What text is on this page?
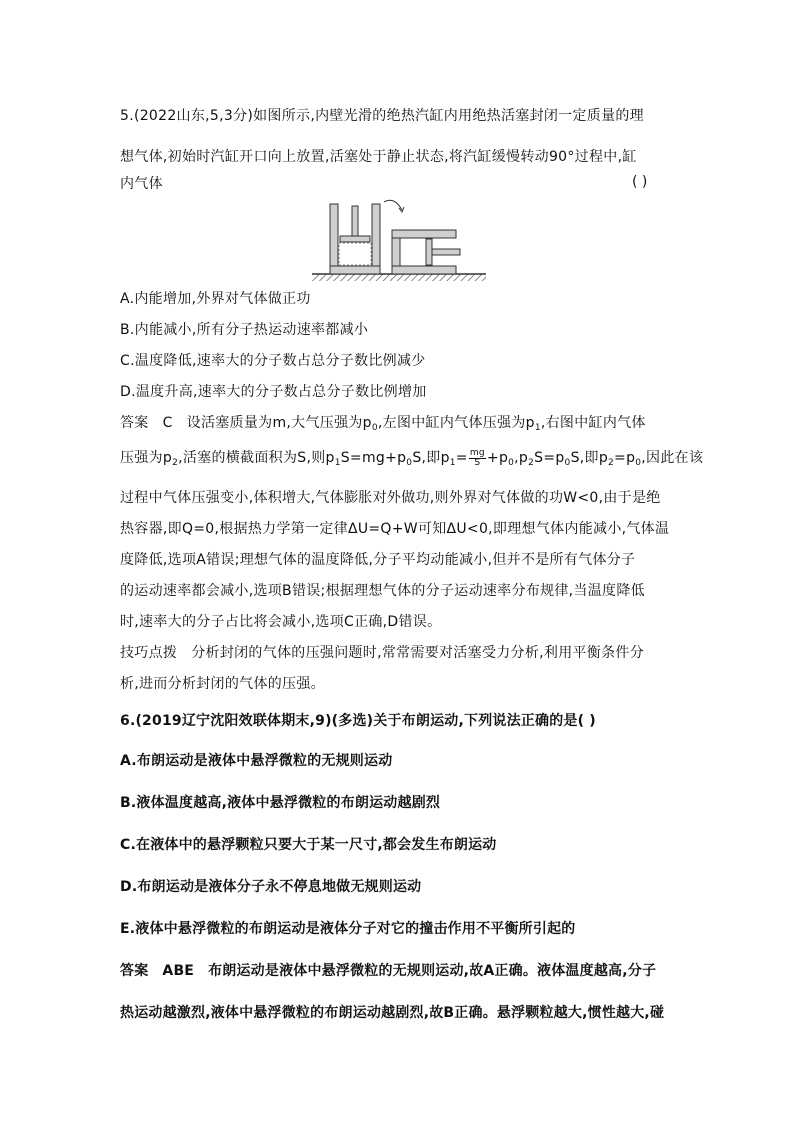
5.(2022山东,5,3分)如图所示,内壁光滑的绝热汽缸内用绝热活塞封闭一定质量的理
想气体,初始时汽缸开口向上放置,活塞处于静止状态,将汽缸缓慢转动90°过程中,缸
内气体	( )
A.内能增加,外界对气体做正功
B.内能减小,所有分子热运动速率都减小
C.温度降低,速率大的分子数占总分子数比例减少
D.温度升高,速率大的分子数占总分子数比例增加
答案 C 设活塞质量为m,大气压强为$p_0$,左图中缸内气体压强为$p_1$,右图中缸内气体
压强为$p_2$,活塞的横截面积为S,则$p_1S=mg+p_0S$,即$p_1= \frac{mg}{S} +p_0,p_2S=p_0S$,即$p_2=p_0$,因此在该
过程中气体压强变小,体积增大,气体膨胀对外做功,则外界对气体做的功W<0,由于是绝
热容器,即Q=0,根据热力学第一定律ΔU=Q+W可知ΔU<0,即理想气体内能减小,气体温
度降低,选项A错误;理想气体的温度降低,分子平均动能减小,但并不是所有气体分子
的运动速率都会减小,选项B错误;根据理想气体的分子运动速率分布规律,当温度降低
时,速率大的分子占比将会减小,选项C正确,D错误。
技巧点拨 分析封闭的气体的压强问题时,常常需要对活塞受力分析,利用平衡条件分
析,进而分析封闭的气体的压强。
6.(2019辽宁沈阳效联体期末,9)(多选)关于布朗运动,下列说法正确的是( )
A.布朗运动是液体中悬浮微粒的无规则运动
B.液体温度越高,液体中悬浮微粒的布朗运动越剧烈
C.在液体中的悬浮颗粒只要大于某一尺寸,都会发生布朗运动
D.布朗运动是液体分子永不停息地做无规则运动
E.液体中悬浮微粒的布朗运动是液体分子对它的撞击作用不平衡所引起的
答案 ABE 布朗运动是液体中悬浮微粒的无规则运动,故A正确。液体温度越高,分子
热运动越激烈,液体中悬浮微粒的布朗运动越剧烈,故B正确。悬浮颗粒越大,惯性越大,碰
